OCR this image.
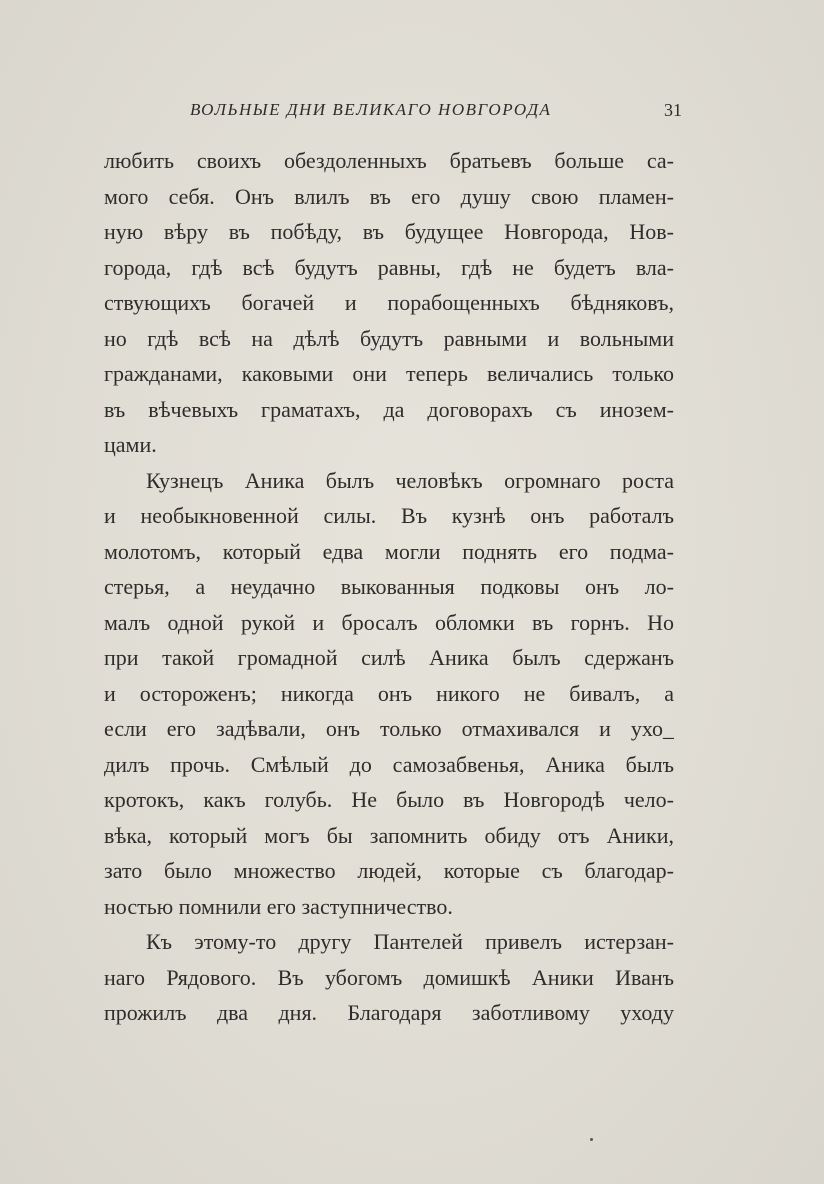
ВОЛЬНЫЕ ДНИ ВЕЛИКАГО НОВГОРОДА	31
любить своихъ обездоленныхъ братьевъ больше са-
мого себя. Онъ влилъ въ его душу свою пламен-
ную вѣру въ побѣду, въ будущее Новгорода, Нов-
города, гдѣ всѣ будутъ равны, гдѣ не будетъ вла-
ствующихъ богачей и порабощенныхъ бѣдняковъ,
но гдѣ всѣ на дѣлѣ будутъ равными и вольными
гражданами, каковыми они теперь величались только
въ вѣчевыхъ граматахъ, да договорахъ съ инозем-
цами.
Кузнецъ Аника былъ человѣкъ огромнаго роста
и необыкновенной силы. Въ кузнѣ онъ работалъ
молотомъ, который едва могли поднять его подма-
стерья, а неудачно выкованныя подковы онъ ло-
малъ одной рукой и бросалъ обломки въ горнъ. Но
при такой громадной силѣ Аника былъ сдержанъ
и остороженъ; никогда онъ никого не бивалъ, а
если его задѣвали, онъ только отмахивался и ухо_
дилъ прочь. Смѣлый до самозабвенья, Аника былъ
кротокъ, какъ голубь. Не было въ Новгородѣ чело-
вѣка, который могъ бы запомнить обиду отъ Аники,
зато было множество людей, которые съ благодар-
ностью помнили его заступничество.
Къ этому-то другу Пантелей привелъ истерзан-
наго Рядового. Въ убогомъ домишкѣ Аники Иванъ
прожилъ два дня. Благодаря заботливому уходу
